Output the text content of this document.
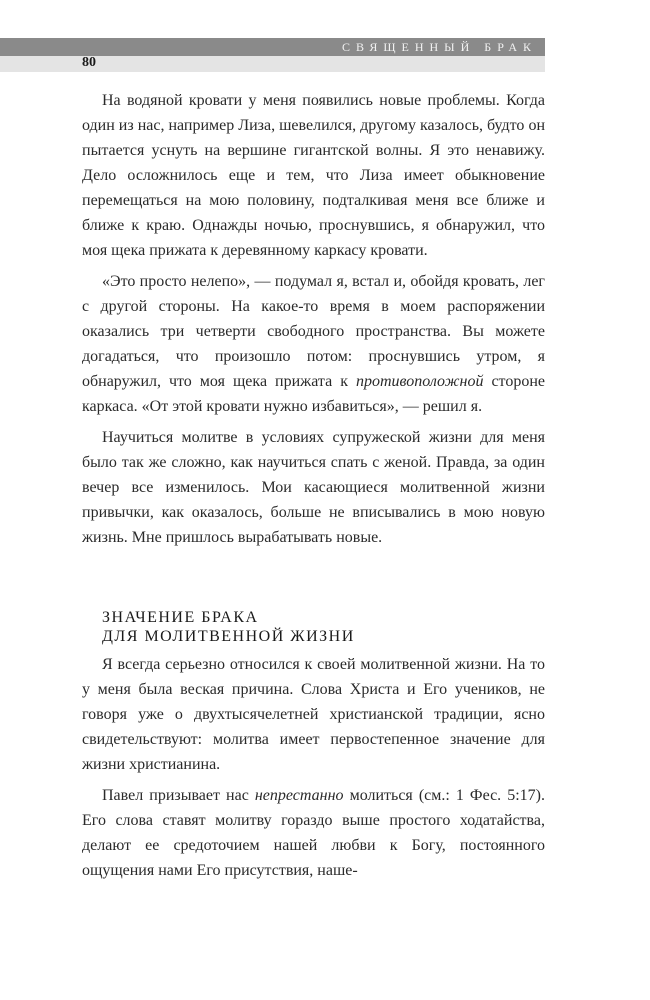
СВЯЩЕННЫЙ БРАК
80

На водяной кровати у меня появились новые проблемы. Когда один из нас, например Лиза, шевелился, другому казалось, будто он пытается уснуть на вершине гигантской волны. Я это ненавижу. Дело осложнилось еще и тем, что Лиза имеет обыкновение перемещаться на мою половину, подталкивая меня все ближе и ближе к краю. Однажды ночью, проснувшись, я обнаружил, что моя щека прижата к деревянному каркасу кровати.

«Это просто нелепо», — подумал я, встал и, обойдя кровать, лег с другой стороны. На какое-то время в моем распоряжении оказались три четверти свободного пространства. Вы можете догадаться, что произошло потом: проснувшись утром, я обнаружил, что моя щека прижата к противоположной стороне каркаса. «От этой кровати нужно избавиться», — решил я.

Научиться молитве в условиях супружеской жизни для меня было так же сложно, как научиться спать с женой. Правда, за один вечер все изменилось. Мои касающиеся молитвенной жизни привычки, как оказалось, больше не вписывались в мою новую жизнь. Мне пришлось вырабатывать новые.

ЗНАЧЕНИЕ БРАКА
ДЛЯ МОЛИТВЕННОЙ ЖИЗНИ

Я всегда серьезно относился к своей молитвенной жизни. На то у меня была веская причина. Слова Христа и Его учеников, не говоря уже о двухтысячелетней христианской традиции, ясно свидетельствуют: молитва имеет первостепенное значение для жизни христианина.

Павел призывает нас непрестанно молиться (см.: 1 Фес. 5:17). Его слова ставят молитву гораздо выше простого ходатайства, делают ее средоточием нашей любви к Богу, постоянного ощущения нами Его присутствия, наше-
